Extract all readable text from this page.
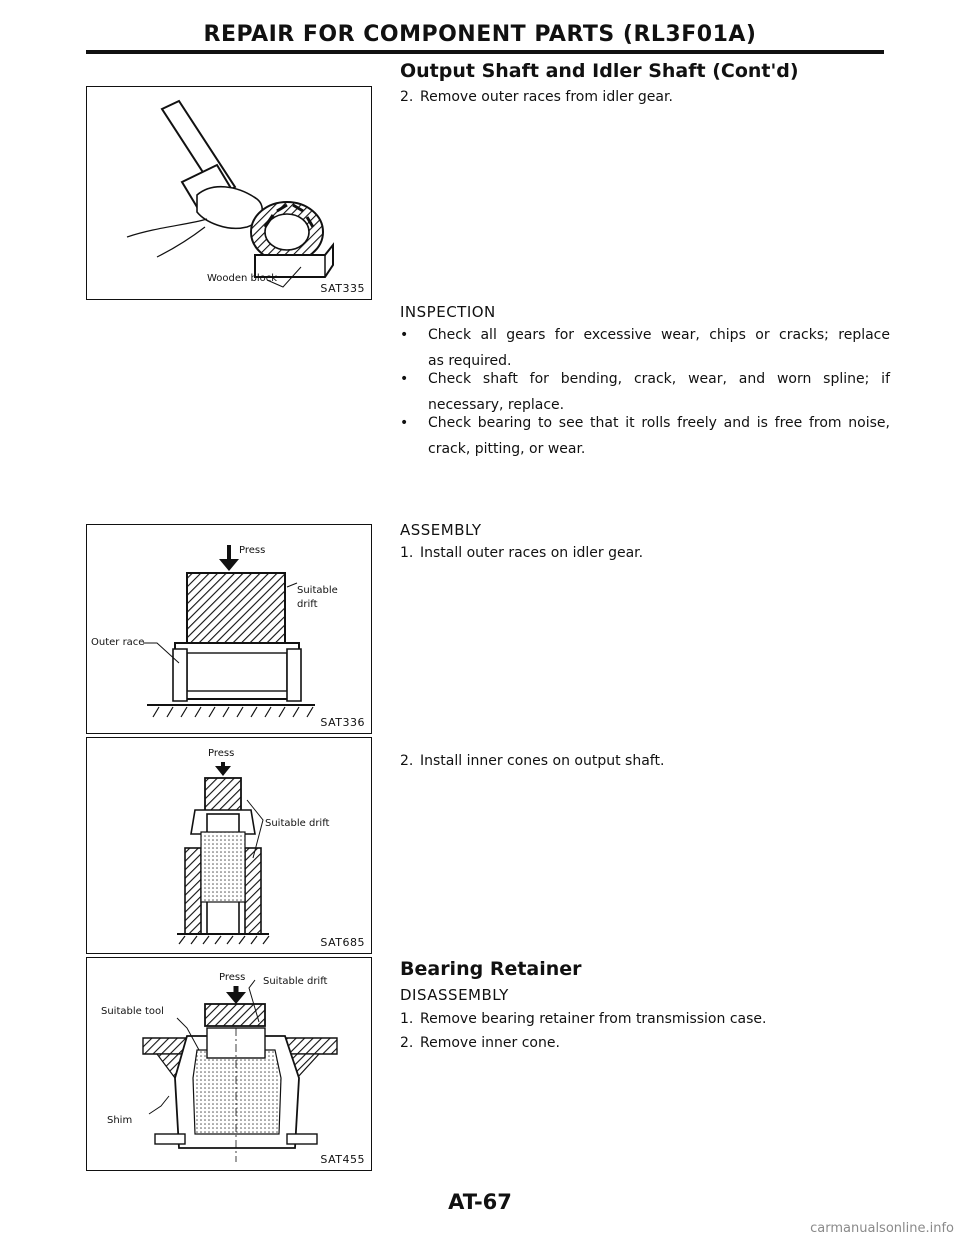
REPAIR FOR COMPONENT PARTS (RL3F01A)
Wooden block
SAT335
Press
Suitable
drift
Outer race
SAT336
Press
Suitable drift
SAT685
Press Suitable drift
Suitable tool
Shim
SAT455
Output Shaft and Idler Shaft (Cont'd)
2. Remove outer races from idler gear.
INSPECTION
• Check all gears for excessive wear, chips or cracks; replace
as required.
• Check shaft for bending, crack, wear, and worn spline; if
necessary, replace.
• Check bearing to see that it rolls freely and is free from noise,
crack, pitting, or wear.
ASSEMBLY
1. Install outer races on idler gear.
2. Install inner cones on output shaft.
Bearing Retainer
DISASSEMBLY
1. Remove bearing retainer from transmission case.
2. Remove inner cone.
AT-67
carmanualsonline.info
